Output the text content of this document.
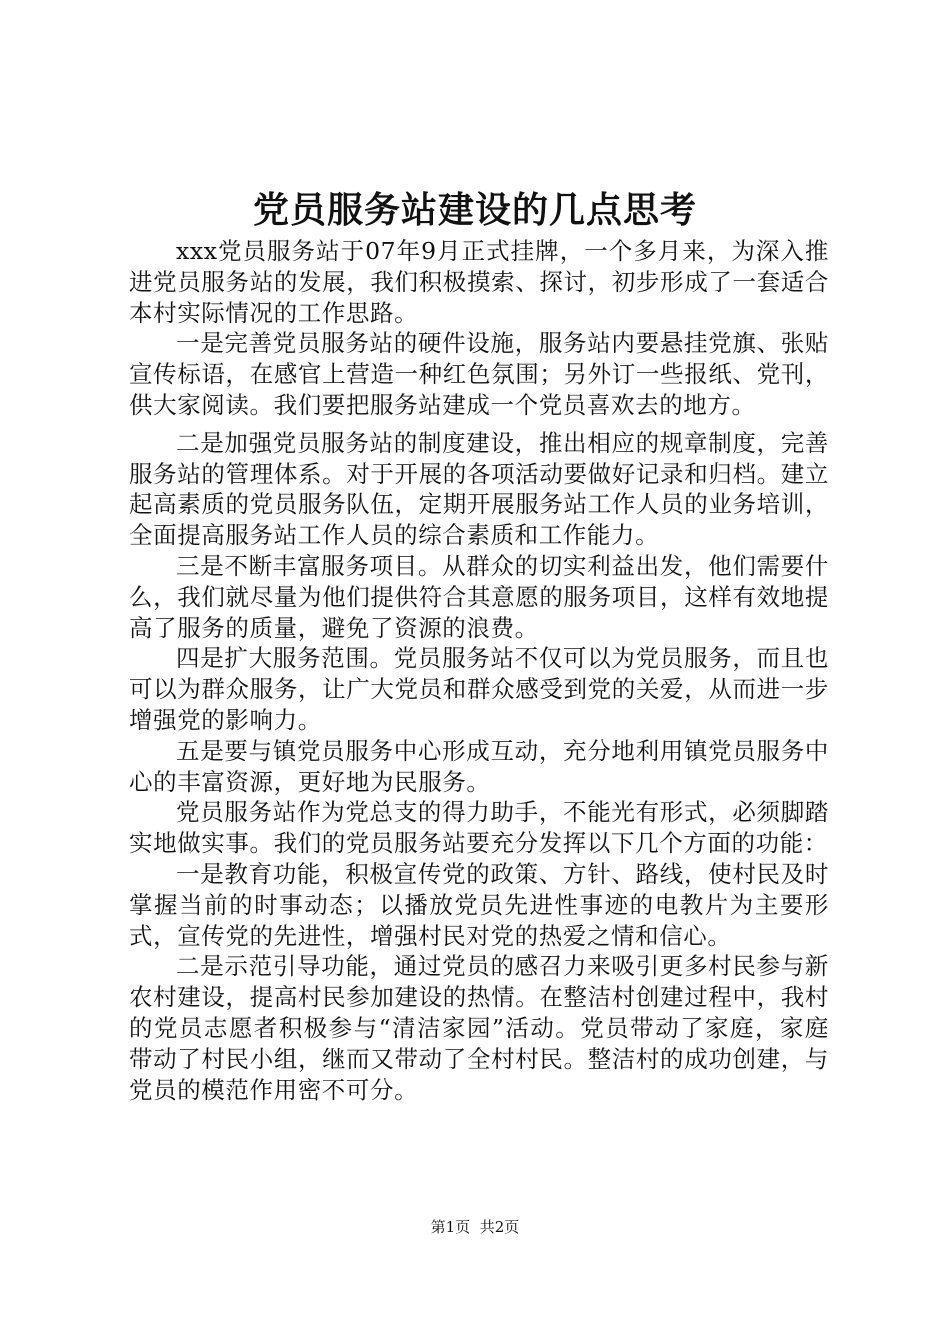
党员服务站建设的几点思考

xxx党员服务站于07年9月正式挂牌，一个多月来，为深入推进党员服务站的发展，我们积极摸索、探讨，初步形成了一套适合本村实际情况的工作思路。

一是完善党员服务站的硬件设施，服务站内要悬挂党旗、张贴宣传标语，在感官上营造一种红色氛围；另外订一些报纸、党刊，供大家阅读。我们要把服务站建成一个党员喜欢去的地方。

二是加强党员服务站的制度建设，推出相应的规章制度，完善服务站的管理体系。对于开展的各项活动要做好记录和归档。建立起高素质的党员服务队伍，定期开展服务站工作人员的业务培训，全面提高服务站工作人员的综合素质和工作能力。

三是不断丰富服务项目。从群众的切实利益出发，他们需要什么，我们就尽量为他们提供符合其意愿的服务项目，这样有效地提高了服务的质量，避免了资源的浪费。

四是扩大服务范围。党员服务站不仅可以为党员服务，而且也可以为群众服务，让广大党员和群众感受到党的关爱，从而进一步增强党的影响力。

五是要与镇党员服务中心形成互动，充分地利用镇党员服务中心的丰富资源，更好地为民服务。

党员服务站作为党总支的得力助手，不能光有形式，必须脚踏实地做实事。我们的党员服务站要充分发挥以下几个方面的功能：

一是教育功能，积极宣传党的政策、方针、路线，使村民及时掌握当前的时事动态；以播放党员先进性事迹的电教片为主要形式，宣传党的先进性，增强村民对党的热爱之情和信心。

二是示范引导功能，通过党员的感召力来吸引更多村民参与新农村建设，提高村民参加建设的热情。在整洁村创建过程中，我村的党员志愿者积极参与“清洁家园”活动。党员带动了家庭，家庭带动了村民小组，继而又带动了全村村民。整洁村的成功创建，与党员的模范作用密不可分。

第1页 共2页
